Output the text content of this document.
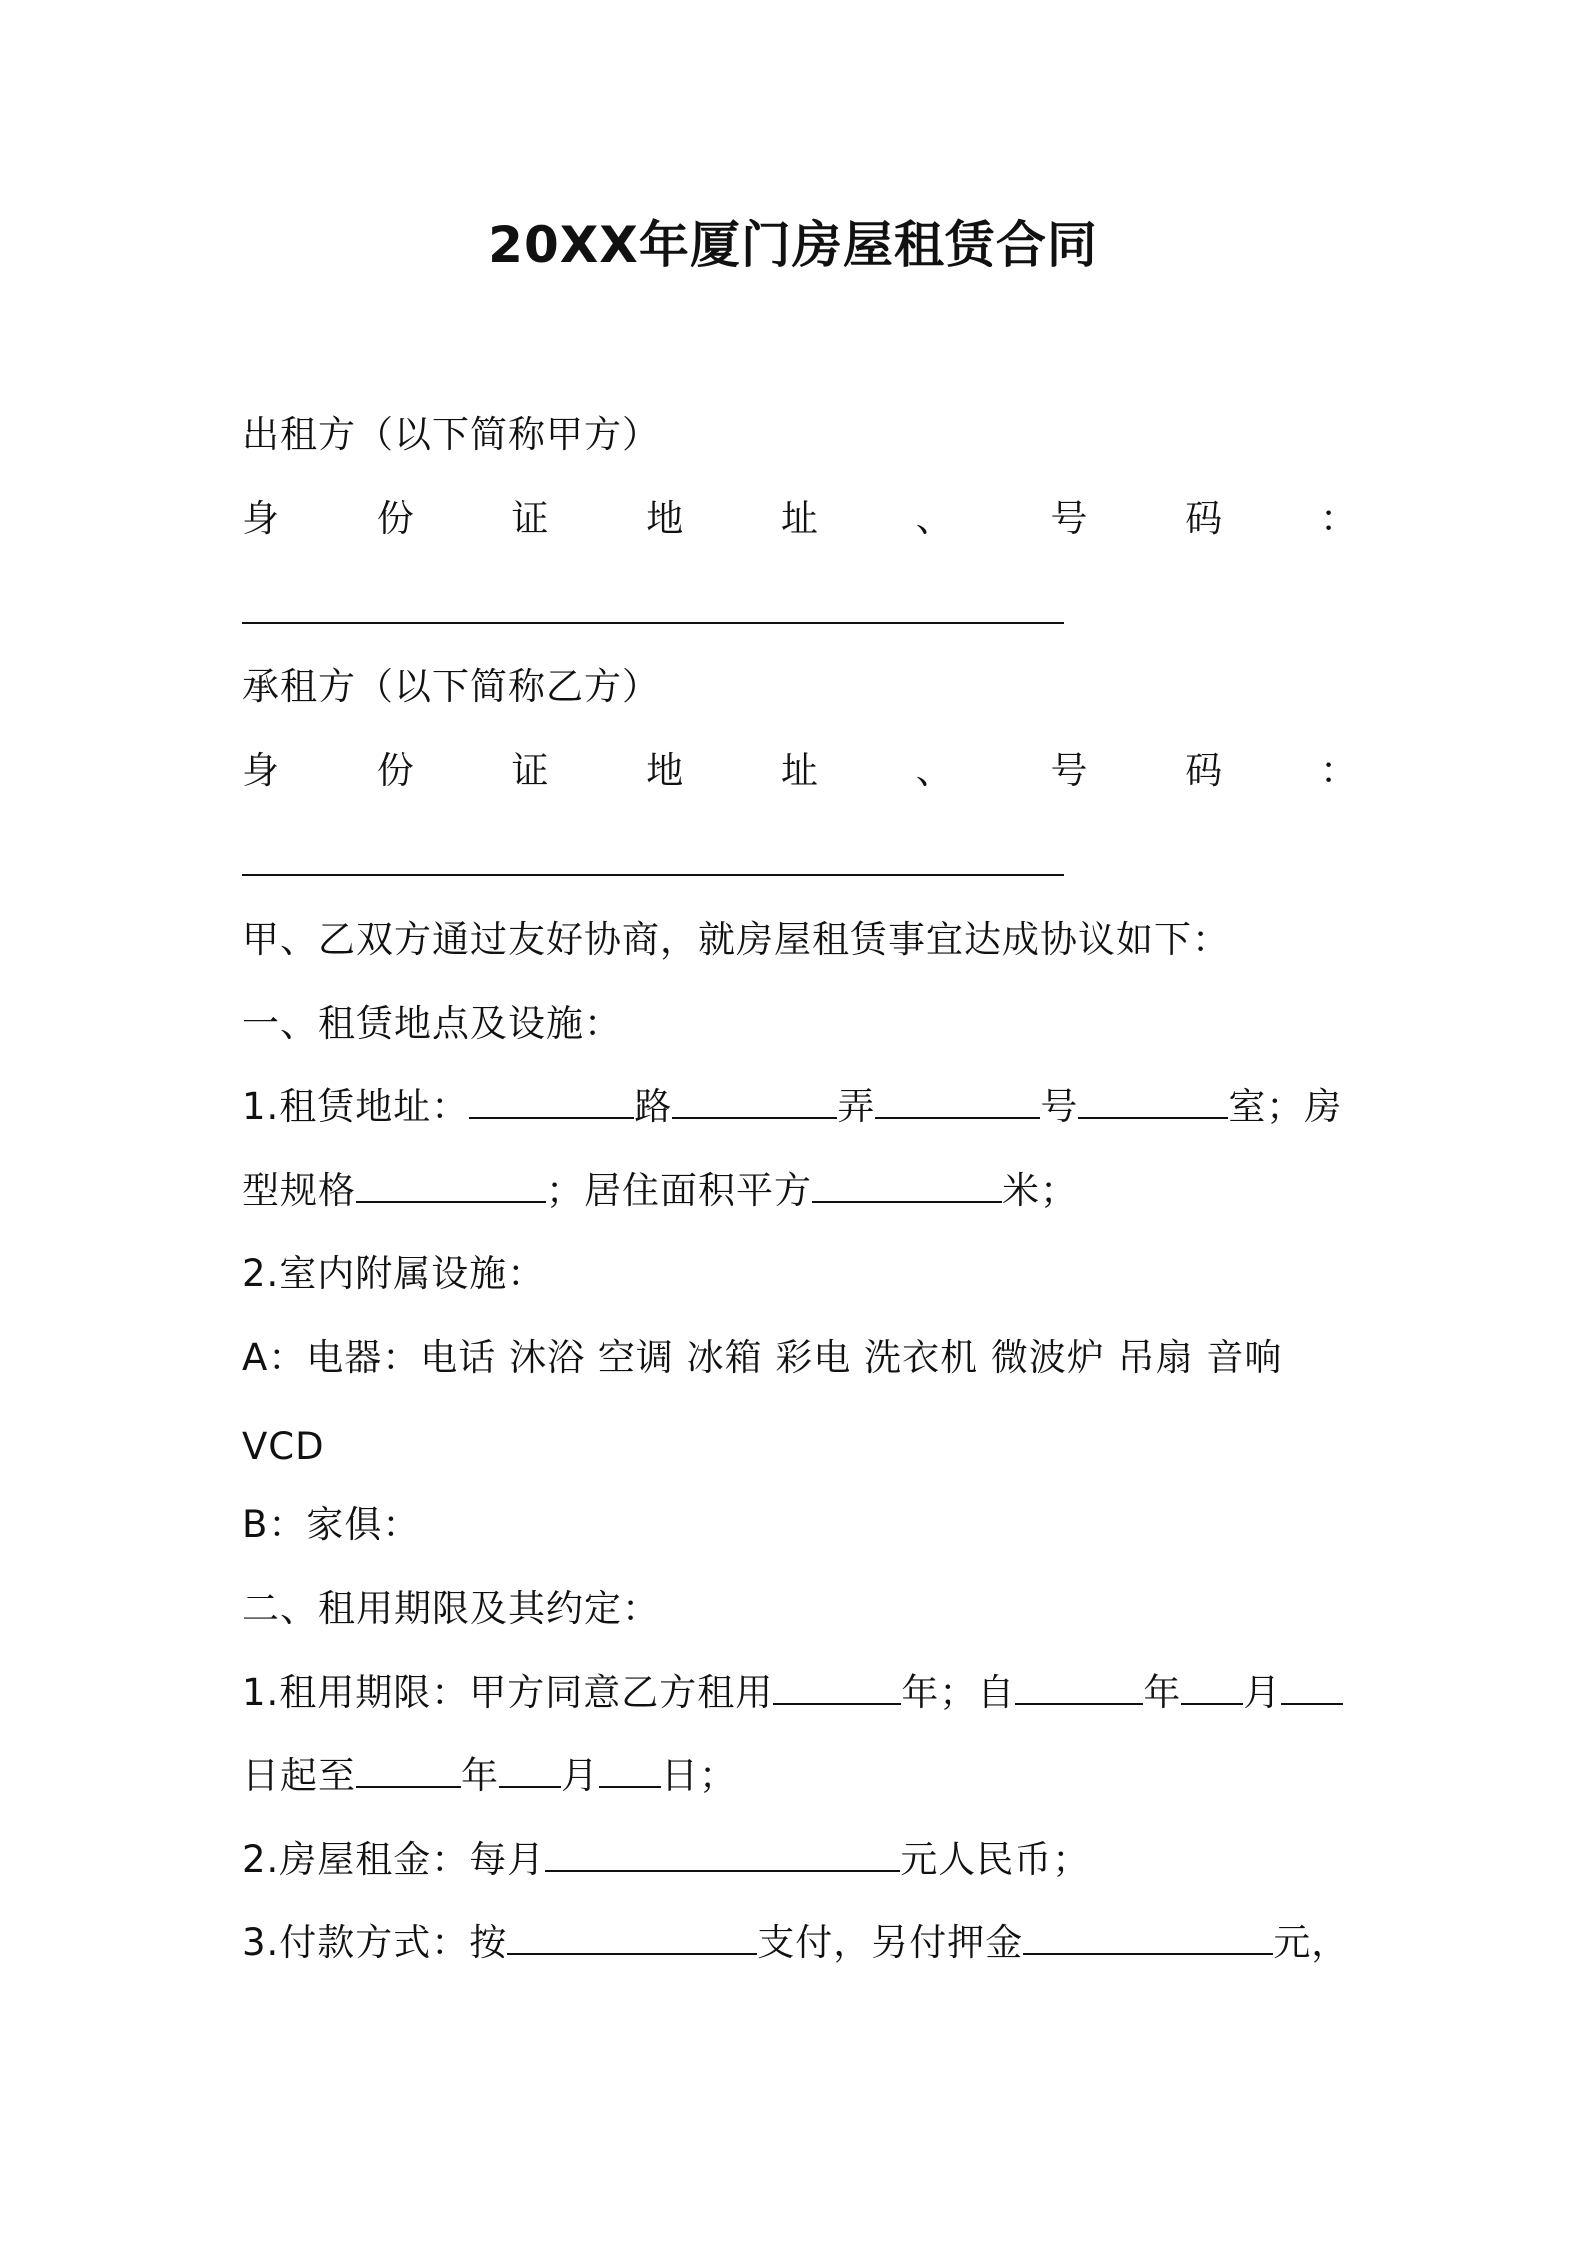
20XX年厦门房屋租赁合同
出租方（以下简称甲方）
身	份	证	地	址	、	号	码	：
承租方（以下简称乙方）
身	份	证	地	址	、	号	码	：
甲、乙双方通过友好协商，就房屋租赁事宜达成协议如下：
一、租赁地点及设施：
1.租赁地址：	路	弄	号	室；房
型规格	；居住面积平方	米；
2.室内附属设施：
A：电器：电话 沐浴 空调 冰箱 彩电 洗衣机 微波炉 吊扇 音响
VCD
B：家俱：
二、租用期限及其约定：
1.租用期限：甲方同意乙方租用	年；自	年 月
日起至	年 月 日；
2.房屋租金：每月	元人民币；
3.付款方式：按	支付，另付押金	元，
